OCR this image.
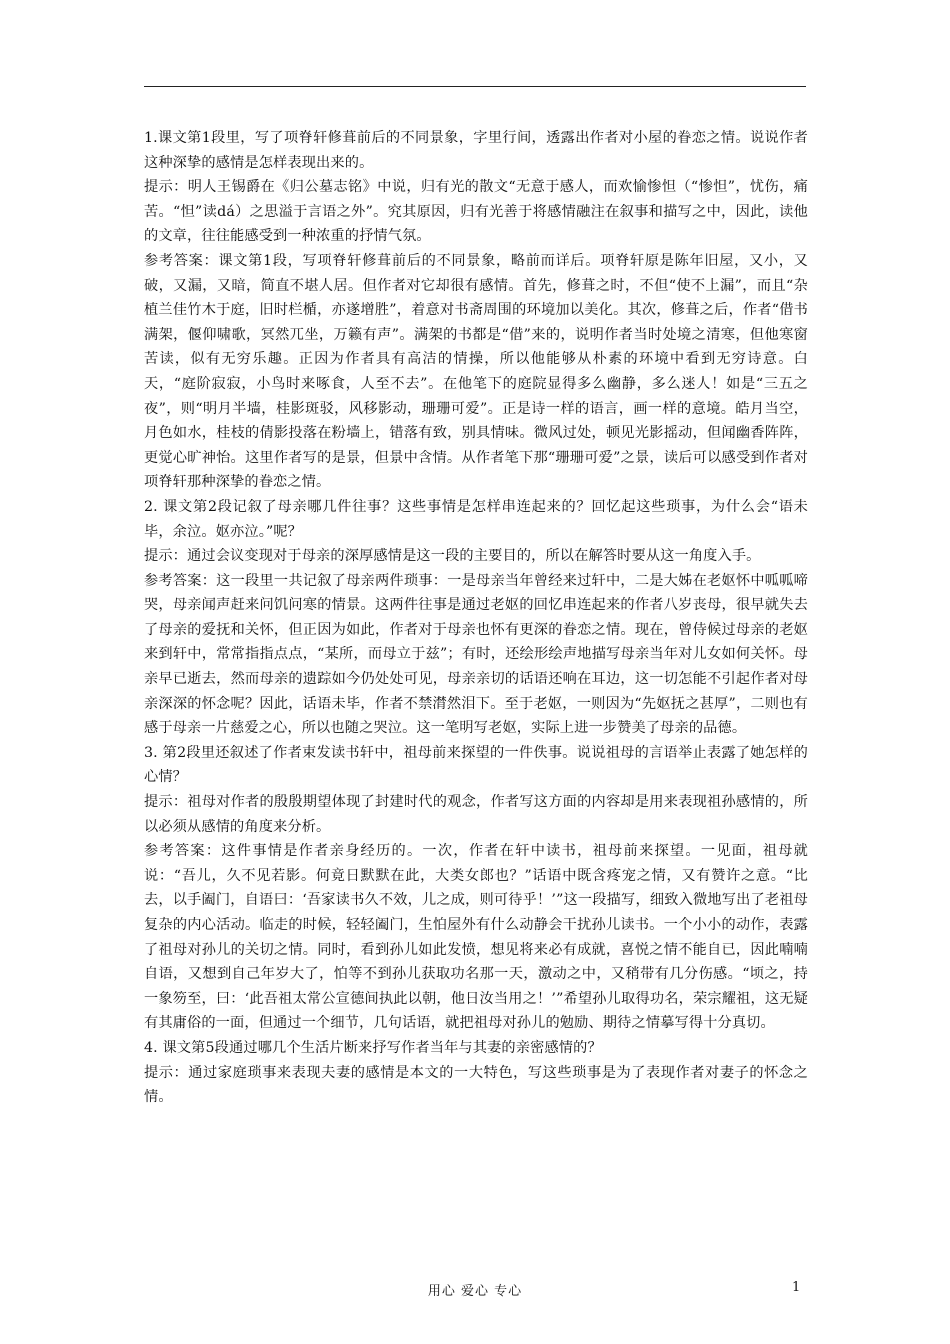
1.课文第1段里，写了项脊轩修葺前后的不同景象，字里行间，透露出作者对小屋的眷恋之情。说说作者这种深挚的感情是怎样表现出来的。

提示：明人王锡爵在《归公墓志铭》中说，归有光的散文“无意于感人，而欢愉惨怛（“惨怛”，忧伤，痛苦。“怛”读dá）之思溢于言语之外”。究其原因，归有光善于将感情融注在叙事和描写之中，因此，读他的文章，往往能感受到一种浓重的抒情气氛。

参考答案：课文第1段，写项脊轩修葺前后的不同景象，略前而详后。项脊轩原是陈年旧屋，又小，又破，又漏，又暗，简直不堪人居。但作者对它却很有感情。首先，修葺之时，不但“使不上漏”，而且“杂植兰佳竹木于庭，旧时栏楯，亦遂增胜”，着意对书斋周围的环境加以美化。其次，修葺之后，作者“借书满架，偃仰啸歌，冥然兀坐，万籁有声”。满架的书都是“借”来的，说明作者当时处境之清寒，但他寒窗苦读，似有无穷乐趣。正因为作者具有高洁的情操，所以他能够从朴素的环境中看到无穷诗意。白天，“庭阶寂寂，小鸟时来啄食，人至不去”。在他笔下的庭院显得多么幽静，多么迷人！如是“三五之夜”，则“明月半墙，桂影斑驳，风移影动，珊珊可爱”。正是诗一样的语言，画一样的意境。皓月当空，月色如水，桂枝的倩影投落在粉墙上，错落有致，别具情味。微风过处，顿见光影摇动，但闻幽香阵阵，更觉心旷神怡。这里作者写的是景，但景中含情。从作者笔下那“珊珊可爱”之景，读后可以感受到作者对项脊轩那种深挚的眷恋之情。

2. 课文第2段记叙了母亲哪几件往事？这些事情是怎样串连起来的？回忆起这些琐事，为什么会“语未毕，余泣。妪亦泣。”呢？

提示：通过会议变现对于母亲的深厚感情是这一段的主要目的，所以在解答时要从这一角度入手。

参考答案：这一段里一共记叙了母亲两件琐事：一是母亲当年曾经来过轩中，二是大姊在老妪怀中呱呱啼哭，母亲闻声赶来问饥问寒的情景。这两件往事是通过老妪的回忆串连起来的作者八岁丧母，很早就失去了母亲的爱抚和关怀，但正因为如此，作者对于母亲也怀有更深的眷恋之情。现在，曾侍候过母亲的老妪来到轩中，常常指指点点，“某所，而母立于兹”；有时，还绘形绘声地描写母亲当年对儿女如何关怀。母亲早已逝去，然而母亲的遗踪如今仍处处可见，母亲亲切的话语还响在耳边，这一切怎能不引起作者对母亲深深的怀念呢？因此，话语未毕，作者不禁潸然泪下。至于老妪，一则因为“先妪抚之甚厚”，二则也有感于母亲一片慈爱之心，所以也随之哭泣。这一笔明写老妪，实际上进一步赞美了母亲的品德。

3. 第2段里还叙述了作者束发读书轩中，祖母前来探望的一件佚事。说说祖母的言语举止表露了她怎样的心情？

提示：祖母对作者的殷殷期望体现了封建时代的观念，作者写这方面的内容却是用来表现祖孙感情的，所以必须从感情的角度来分析。

参考答案：这件事情是作者亲身经历的。一次，作者在轩中读书，祖母前来探望。一见面，祖母就说：“吾儿，久不见若影。何竟日默默在此，大类女郎也？”话语中既含疼宠之情，又有赞许之意。“比去，以手阖门，自语曰：‘吾家读书久不效，儿之成，则可待乎！’”这一段描写，细致入微地写出了老祖母复杂的内心活动。临走的时候，轻轻阖门，生怕屋外有什么动静会干扰孙儿读书。一个小小的动作，表露了祖母对孙儿的关切之情。同时，看到孙儿如此发愤，想见将来必有成就，喜悦之情不能自已，因此喃喃自语，又想到自己年岁大了，怕等不到孙儿获取功名那一天，激动之中，又稍带有几分伤感。“顷之，持一象笏至，曰：‘此吾祖太常公宣德间执此以朝，他日汝当用之！’”希望孙儿取得功名，荣宗耀祖，这无疑有其庸俗的一面，但通过一个细节，几句话语，就把祖母对孙儿的勉励、期待之情摹写得十分真切。

4. 课文第5段通过哪几个生活片断来抒写作者当年与其妻的亲密感情的？

提示：通过家庭琐事来表现夫妻的感情是本文的一大特色，写这些琐事是为了表现作者对妻子的怀念之情。

用心 爱心 专心	1
